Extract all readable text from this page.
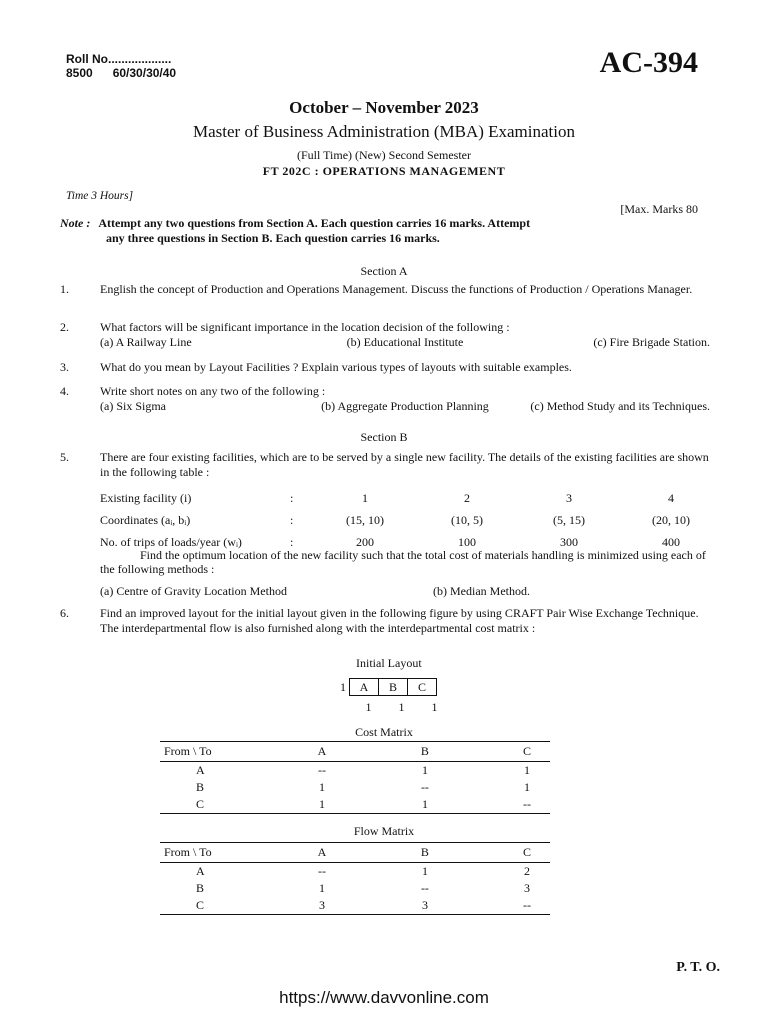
Roll No...................
8500 60/30/30/40	AC-394
October – November 2023
Master of Business Administration (MBA) Examination
(Full Time) (New) Second Semester
FT 202C : OPERATIONS MANAGEMENT
Time 3 Hours]
[Max. Marks 80
Note : Attempt any two questions from Section A. Each question carries 16 marks. Attempt
any three questions in Section B. Each question carries 16 marks.
Section A
1.	English the concept of Production and Operations Management. Discuss the functions of Production / Operations Manager.
2.	What factors will be significant importance in the location decision of the following :
(a) A Railway Line	(b) Educational Institute	(c) Fire Brigade Station.
3.	What do you mean by Layout Facilities ? Explain various types of layouts with suitable examples.
4.	Write short notes on any two of the following :
(a) Six Sigma	(b) Aggregate Production Planning	(c) Method Study and its Techniques.
Section B
5.	There are four existing facilities, which are to be served by a single new facility. The details of the existing facilities are shown in the following table :
Existing facility (i)	:	1	2	3	4
Coordinates (aᵢ, bᵢ)	:	(15, 10)	(10, 5)	(5, 15)	(20, 10)
No. of trips of loads/year (wᵢ)	:	200	100	300	400
Find the optimum location of the new facility such that the total cost of materials handling is minimized using each of the following methods :
(a) Centre of Gravity Location Method	(b) Median Method.
6.	Find an improved layout for the initial layout given in the following figure by using CRAFT Pair Wise Exchange Technique. The interdepartmental flow is also furnished along with the interdepartmental cost matrix :
Initial Layout
1	A	B	C
1	1	1
Cost Matrix
From \ To	A	B	C
A	--	1	1
B	1	--	1
C	1	1	--
Flow Matrix
From \ To	A	B	C
A	--	1	2
B	1	--	3
C	3	3	--
P. T. O.
https://www.davvonline.com
